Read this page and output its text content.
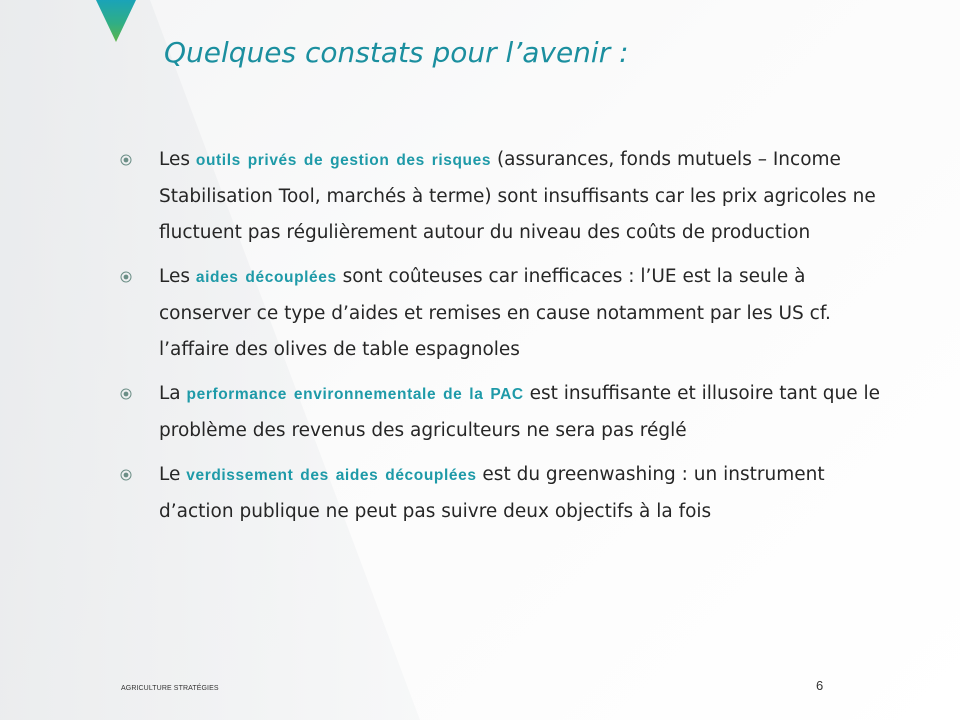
Quelques constats pour l’avenir :
Les outils privés de gestion des risques (assurances, fonds mutuels – Income Stabilisation Tool, marchés à terme) sont insuffisants car les prix agricoles ne fluctuent pas régulièrement autour du niveau des coûts de production
Les aides découplées sont coûteuses car inefficaces : l’UE est la seule à conserver ce type d’aides et remises en cause notamment par les US cf. l’affaire des olives de table espagnoles
La performance environnementale de la PAC est insuffisante et illusoire tant que le problème des revenus des agriculteurs ne sera pas réglé
Le verdissement des aides découplées est du greenwashing : un instrument d’action publique ne peut pas suivre deux objectifs à la fois
AGRICULTURE STRATÉGIES	6
